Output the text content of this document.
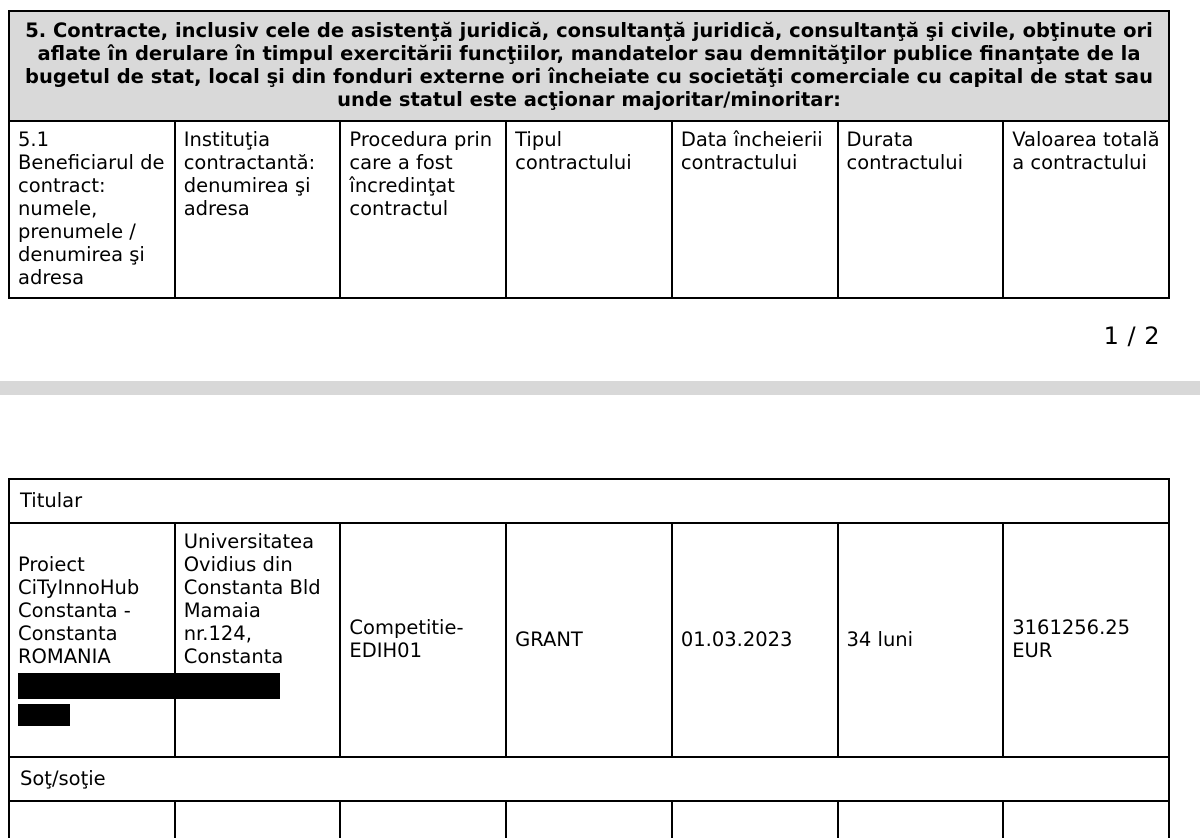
5. Contracte, inclusiv cele de asistenţă juridică, consultanţă juridică, consultanţă şi civile, obţinute ori aflate în derulare în timpul exercitării funcţiilor, mandatelor sau demnităţilor publice finanţate de la bugetul de stat, local şi din fonduri externe ori încheiate cu societăţi comerciale cu capital de stat sau unde statul este acţionar majoritar/minoritar:
5.1 Beneficiarul de contract: numele, prenumele / denumirea şi adresa	Instituţia contractantă: denumirea şi adresa	Procedura prin care a fost încredinţat contractul	Tipul contractului	Data încheierii contractului	Durata contractului	Valoarea totală a contractului
1 / 2
Titular						
Proiect CiTyInnoHub Constanta - Constanta ROMANIA	Universitatea Ovidius din Constanta Bld Mamaia nr.124, Constanta	Competitie-EDIH01	GRANT	01.03.2023	34 luni	3161256.25 EUR
Soţ/soţie						
